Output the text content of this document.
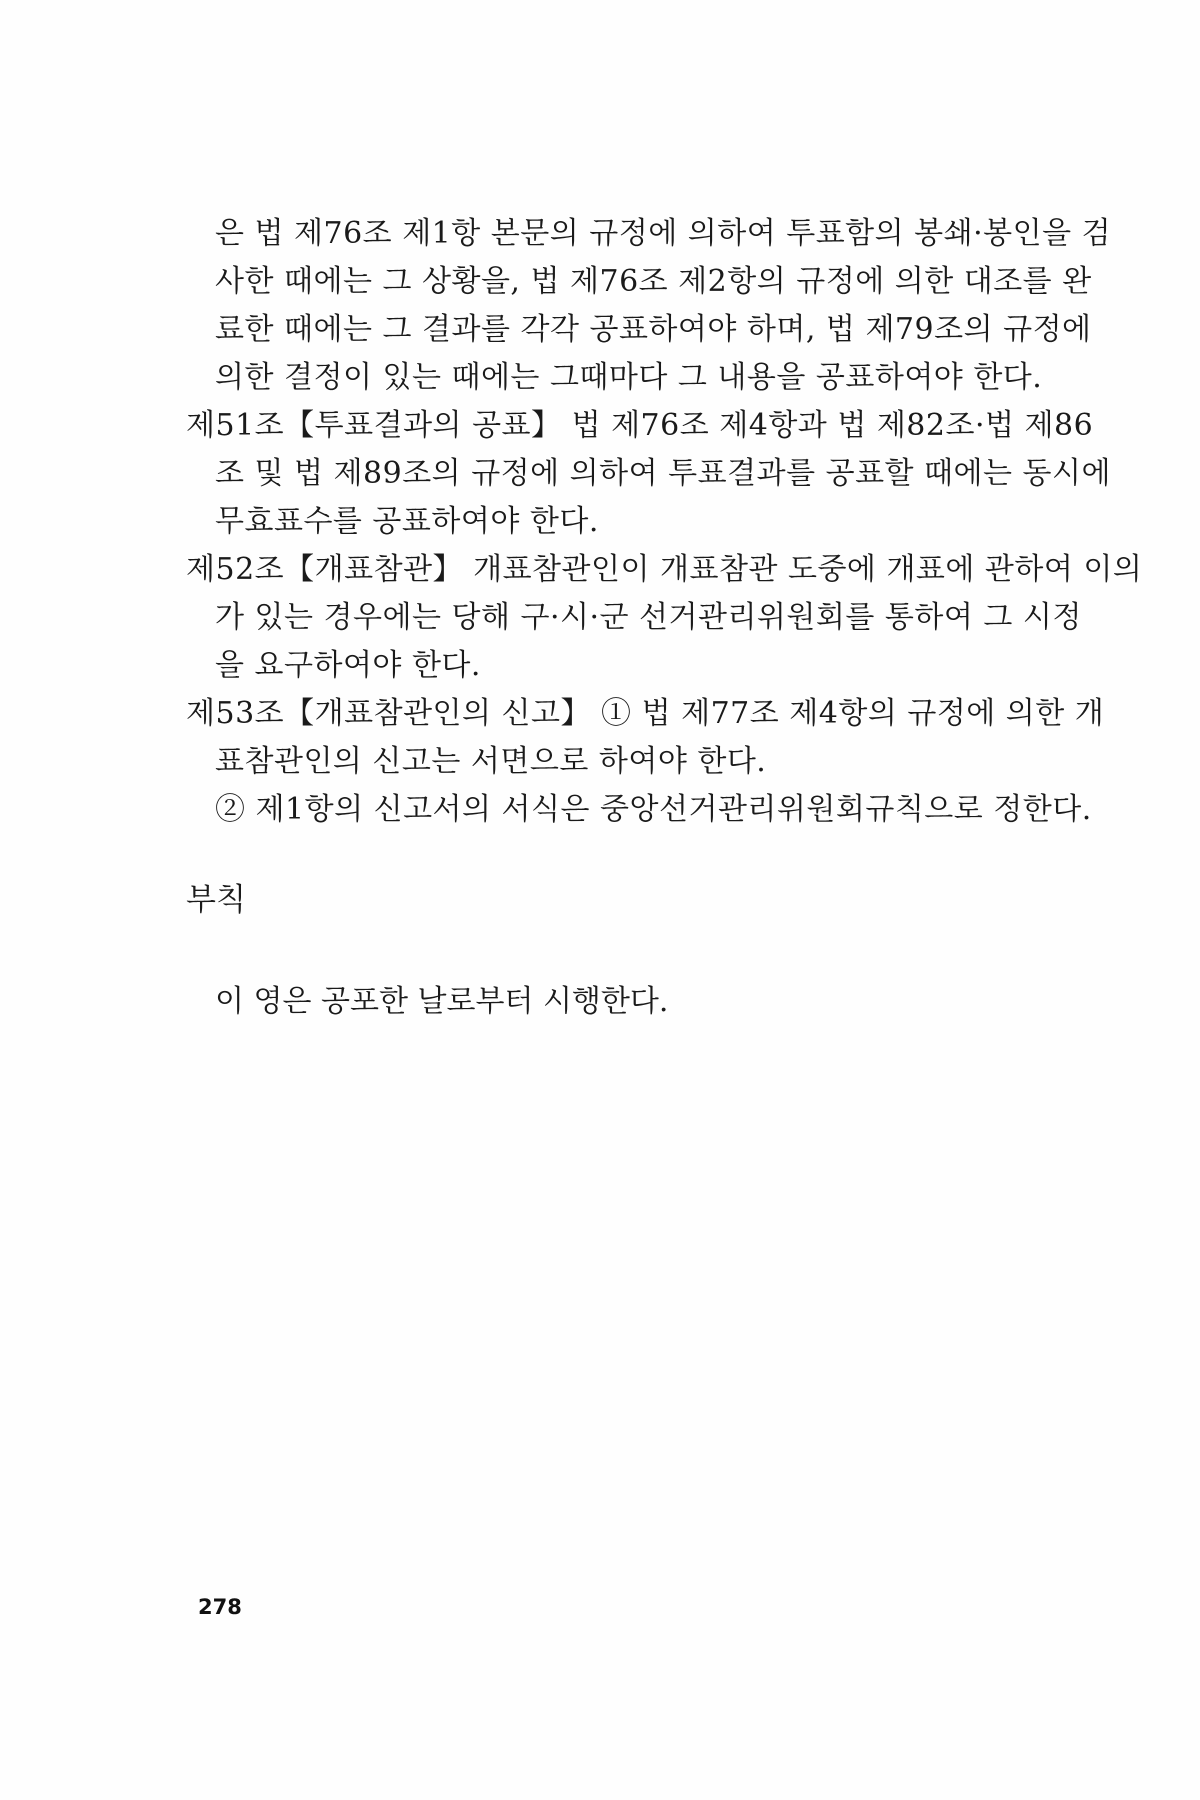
은 법 제76조 제1항 본문의 규정에 의하여 투표함의 봉쇄·봉인을 검
사한 때에는 그 상황을, 법 제76조 제2항의 규정에 의한 대조를 완
료한 때에는 그 결과를 각각 공표하여야 하며, 법 제79조의 규정에
의한 결정이 있는 때에는 그때마다 그 내용을 공표하여야 한다.
제51조【투표결과의 공표】 법 제76조 제4항과 법 제82조·법 제86
조 및 법 제89조의 규정에 의하여 투표결과를 공표할 때에는 동시에
무효표수를 공표하여야 한다.
제52조【개표참관】 개표참관인이 개표참관 도중에 개표에 관하여 이의
가 있는 경우에는 당해 구·시·군 선거관리위원회를 통하여 그 시정
을 요구하여야 한다.
제53조【개표참관인의 신고】 ① 법 제77조 제4항의 규정에 의한 개
표참관인의 신고는 서면으로 하여야 한다.
② 제1항의 신고서의 서식은 중앙선거관리위원회규칙으로 정한다.
부칙
이 영은 공포한 날로부터 시행한다.
278
